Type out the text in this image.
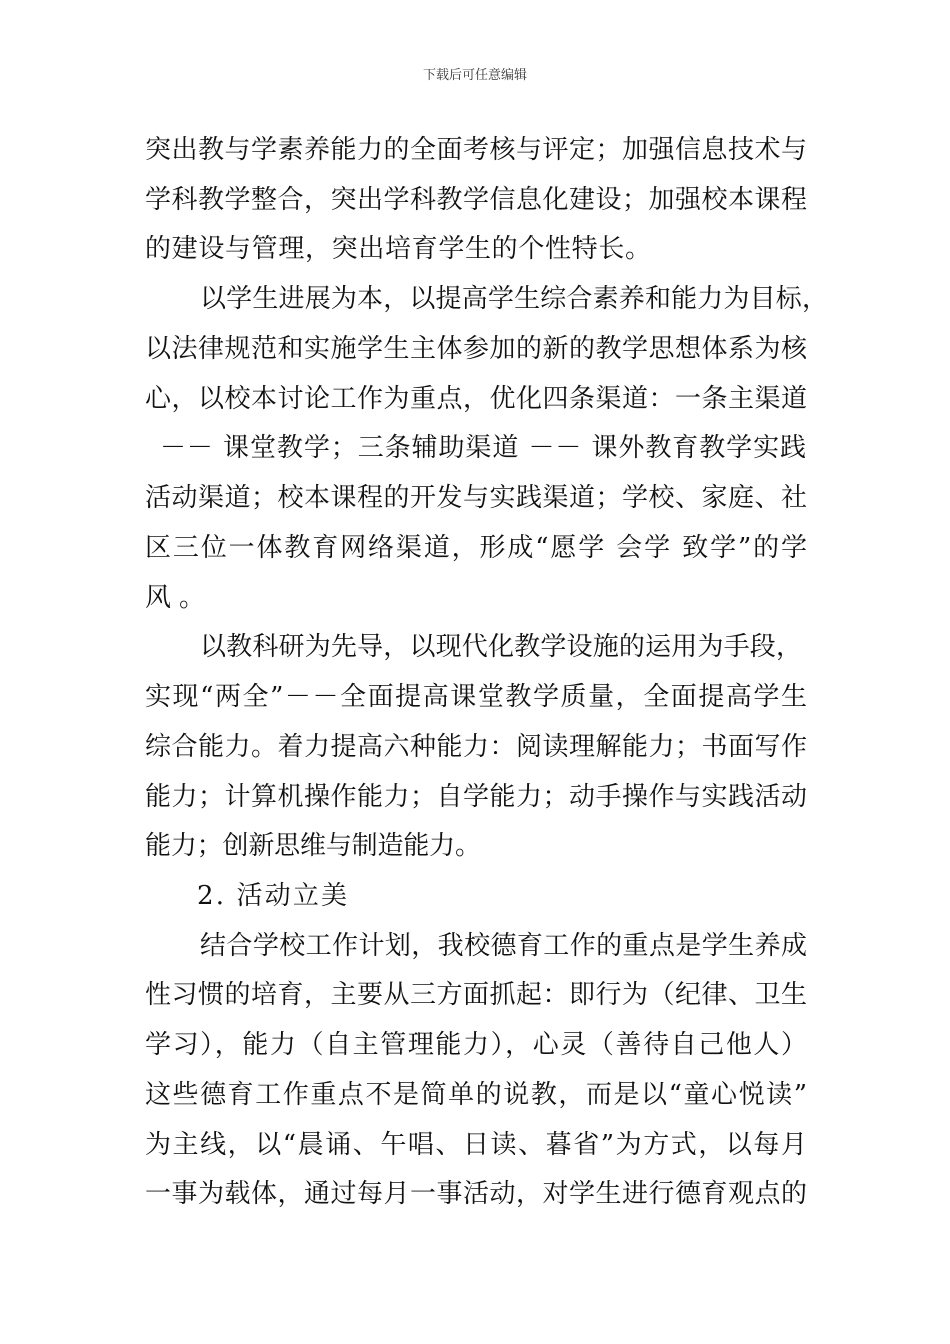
下载后可任意编辑
突出教与学素养能力的全面考核与评定；加强信息技术与
学科教学整合，突出学科教学信息化建设；加强校本课程
的建设与管理，突出培育学生的个性特长。
以学生进展为本，以提高学生综合素养和能力为目标，
以法律规范和实施学生主体参加的新的教学思想体系为核
心，以校本讨论工作为重点，优化四条渠道：一条主渠道
－－ 课堂教学；三条辅助渠道 －－ 课外教育教学实践
活动渠道；校本课程的开发与实践渠道；学校、家庭、社
区三位一体教育网络渠道，形成“愿学 会学 致学”的学
风。
以教科研为先导，以现代化教学设施的运用为手段，
实现“两全”－－全面提高课堂教学质量，全面提高学生
综合能力。着力提高六种能力：阅读理解能力；书面写作
能力；计算机操作能力；自学能力；动手操作与实践活动
能力；创新思维与制造能力。
2. 活动立美
结合学校工作计划，我校德育工作的重点是学生养成
性习惯的培育，主要从三方面抓起：即行为（纪律、卫生
学习），能力（自主管理能力），心灵（善待自己他人）
这些德育工作重点不是简单的说教，而是以“童心悦读”
为主线，以“晨诵、午唱、日读、暮省”为方式，以每月
一事为载体，通过每月一事活动，对学生进行德育观点的
